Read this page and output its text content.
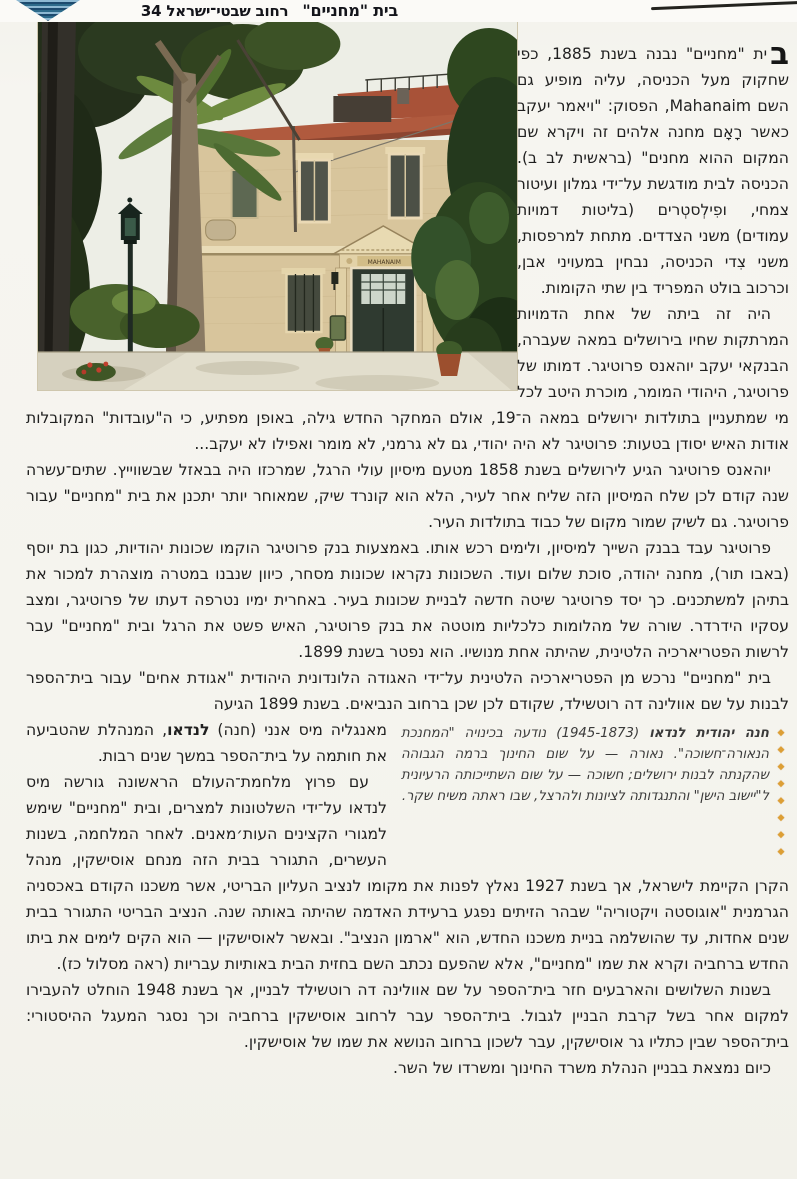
בית "מחניים"רחוב שבטי־ישראל 34
MAHANAIM

ב
ית "מחניים" נבנה בשנת 1885, כפי שחקוק מעל הכניסה, עליה מופיע גם השם Mahanaim, הפסוק: "ויאמר יעקב כאשר רָאָם מחנה אלהים זה ויקרא שם המקום ההוא מחנים" (בראשית לב ב). הכניסה לבית מודגשת על־ידי גמלון ועיטור צמחי, ופִילְסטְרים (בליטות דמויות עמודים) משני הצדדים. מתחת למרפסות, משני צִדי הכניסה, נבחין במעויני אבן, וכרכוב בולט המפריד בין שתי הקומות.

היה זה ביתה של אחת הדמויות המרתקות שחיו בירושלים במאה שעברה, הבנקאי יעקב יוהאנס פרוטיגר. דמותו של פרוטיגר, היהודי המומר, מוכרת היטב לכל מי שמתעניין בתולדות ירושלים במאה ה־19, אולם המחקר החדש גילה, באופן מפתיע, כי ה"עובדות" המקובלות אודות האיש יסודן בטעות: פרוטיגר לא היה יהודי, גם לא גרמני, לא מומר ואפילו לא יעקב...

יוהאנס פרוטיגר הגיע לירושלים בשנת 1858 מטעם מיסיון עולי הרגל, שמרכזו היה בבאזל שבשווייץ. שתים־עשרה שנה קודם לכן שלח המיסיון הזה שליח אחר לעיר, הלא הוא קונרד שיק, שמאוחר יותר יתכנן את בית "מחניים" עבור פרוטיגר. גם לשיק שמור מקום של כבוד בתולדות העיר.

פרוטיגר עבד בבנק השייך למיסיון, ולימים רכש אותו. באמצעות בנק פרוטיגר הוקמו שכונות יהודיות, כגון בת יוסף (באבו תור), מחנה יהודה, סוכת שלום ועוד. השכונות נקראו שכונות מסחר, כיוון שנבנו במטרה מוצהרת למכור את בתיהן למשתכנים. כך יסד פרוטיגר שיטה חדשה לבניית שכונות בעיר. באחרית ימיו נטרפה דעתו של פרוטיגר, ומצב עסקיו הידרדר. שורה של מהלומות כלכליות מוטטה את בנק פרוטיגר, האיש פשט את הרגל ובית "מחניים" עבר לרשות הפטריארכיה הלטינית, שהיתה אחת מנושיו. הוא נפטר בשנת 1899.

בית "מחניים" נרכש מן הפטריארכיה הלטינית על־ידי האגודה הלונדונית היהודית "אגודת אחים" עבור בית־הספר לבנות על שם אוולינה דה רוטשילד, שקודם לכן שכן ברחוב הנביאים. בשנת 1899 הגיעה

◆
◆
◆
◆
◆
◆
◆
◆
חנה יהודית לנדאו (1945-1873) נודעה בכינויה "המחנכת הנאורה־חשוכה". נאורה — על שום החינוך ברמה הגבוהה שהקנתה לבנות ירושלים; חשוכה — על שום השתייכותה הרעיונית ל"יישוב הישן" והתנגדותה לציונות ולהרצל, שבו ראתה משיח שקר.

מאנגליה מיס אנני (חנה) לנדאו, המנהלת שהטביעה את חותמה על בית־הספר במשך שנים רבות.

עם פרוץ מלחמת־העולם הראשונה גורשה מיס לנדאו על־ידי השלטונות למצרים, ובית "מחניים" שימש למגורי הקצינים העות׳מאנים. לאחר המלחמה, בשנות העשרים, התגורר בבית הזה מנחם אוסישקין, מנהל הקרן הקיימת לישראל, אך בשנת 1927 נאלץ לפנות את מקומו לנציב העליון הבריטי, אשר משכנו הקודם באכסניה הגרמנית "אוגוסטה ויקטוריה" שבהר הזיתים נפגע ברעידת האדמה שהיתה באותה שנה. הנציב הבריטי התגורר בבית שנים אחדות, עד שהושלמה בניית משכנו החדש, הוא "ארמון הנציב". ובאשר לאוסישקין — הוא הקים לימים את ביתו החדש ברחביה וקרא את שמו "מחניים", אלא שהפעם נכתב השם בחזית הבית באותיות עבריות (ראה מסלול כז).

בשנות השלושים והארבעים חזר בית־הספר על שם אוולינה דה רוטשילד לבניין, אך בשנת 1948 הוחלט להעבירו למקום אחר בשל קרבת הבניין לגבול. בית־הספר עבר לרחוב אוסישקין ברחביה וכך נסגר המעגל ההיסטורי: בית־הספר שבין כתליו גר אוסישקין, עבר לשכון ברחוב הנושא את שמו של אוסישקין.

כיום נמצאת בבניין הנהלת משרד החינוך ומשרדו של השר.
